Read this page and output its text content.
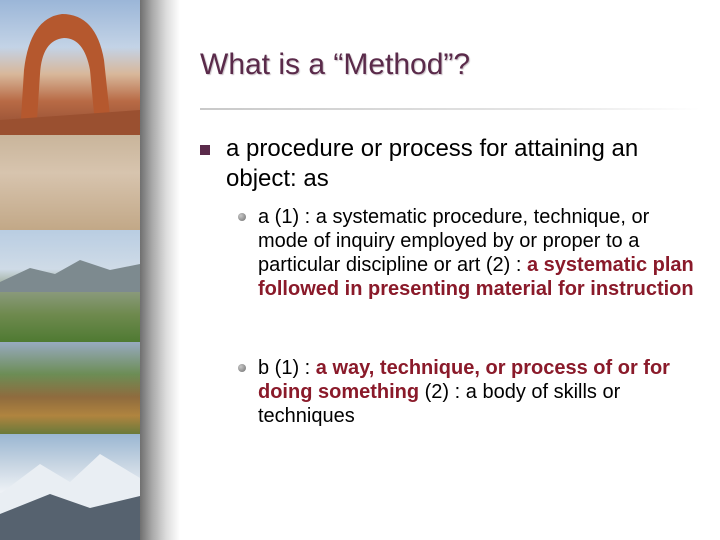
What is a “Method”?
a procedure or process for attaining an object: as
a (1) : a systematic procedure, technique, or mode of inquiry employed by or proper to a particular discipline or art (2) : a systematic plan followed in presenting material for instruction
b (1) : a way, technique, or process of or for doing something (2) : a body of skills or techniques
